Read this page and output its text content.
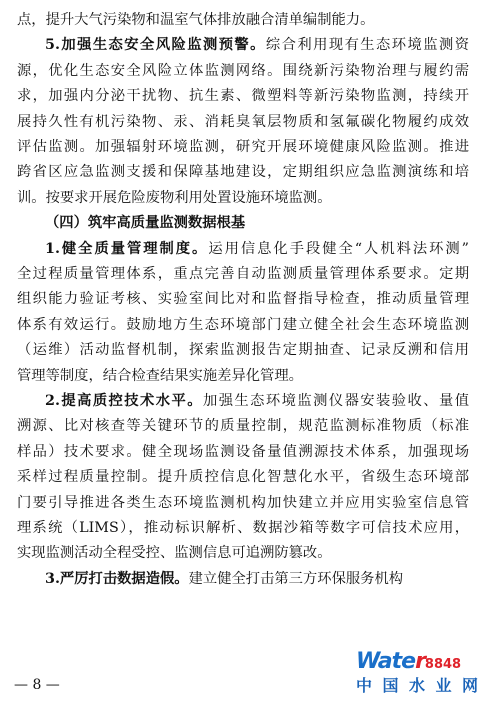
点，提升大气污染物和温室气体排放融合清单编制能力。
5.加强生态安全风险监测预警。综合利用现有生态环境监测资
源，优化生态安全风险立体监测网络。围绕新污染物治理与履约需
求，加强内分泌干扰物、抗生素、微塑料等新污染物监测，持续开
展持久性有机污染物、汞、消耗臭氧层物质和氢氟碳化物履约成效
评估监测。加强辐射环境监测，研究开展环境健康风险监测。推进
跨省区应急监测支援和保障基地建设，定期组织应急监测演练和培
训。按要求开展危险废物利用处置设施环境监测。
（四）筑牢高质量监测数据根基
1.健全质量管理制度。运用信息化手段健全“人机料法环测”
全过程质量管理体系，重点完善自动监测质量管理体系要求。定期
组织能力验证考核、实验室间比对和监督指导检查，推动质量管理
体系有效运行。鼓励地方生态环境部门建立健全社会生态环境监测
（运维）活动监督机制，探索监测报告定期抽查、记录反溯和信用
管理等制度，结合检查结果实施差异化管理。
2.提高质控技术水平。加强生态环境监测仪器安装验收、量值
溯源、比对核查等关键环节的质量控制，规范监测标准物质（标准
样品）技术要求。健全现场监测设备量值溯源技术体系，加强现场
采样过程质量控制。提升质控信息化智慧化水平，省级生态环境部
门要引导推进各类生态环境监测机构加快建立并应用实验室信息管
— 8 —
Water8848
中国水业网
理系统（LIMS），推动标识解析、数据沙箱等数字可信技术应用，
实现监测活动全程受控、监测信息可追溯防篡改。
3.严厉打击数据造假。建立健全打击第三方环保服务机构
